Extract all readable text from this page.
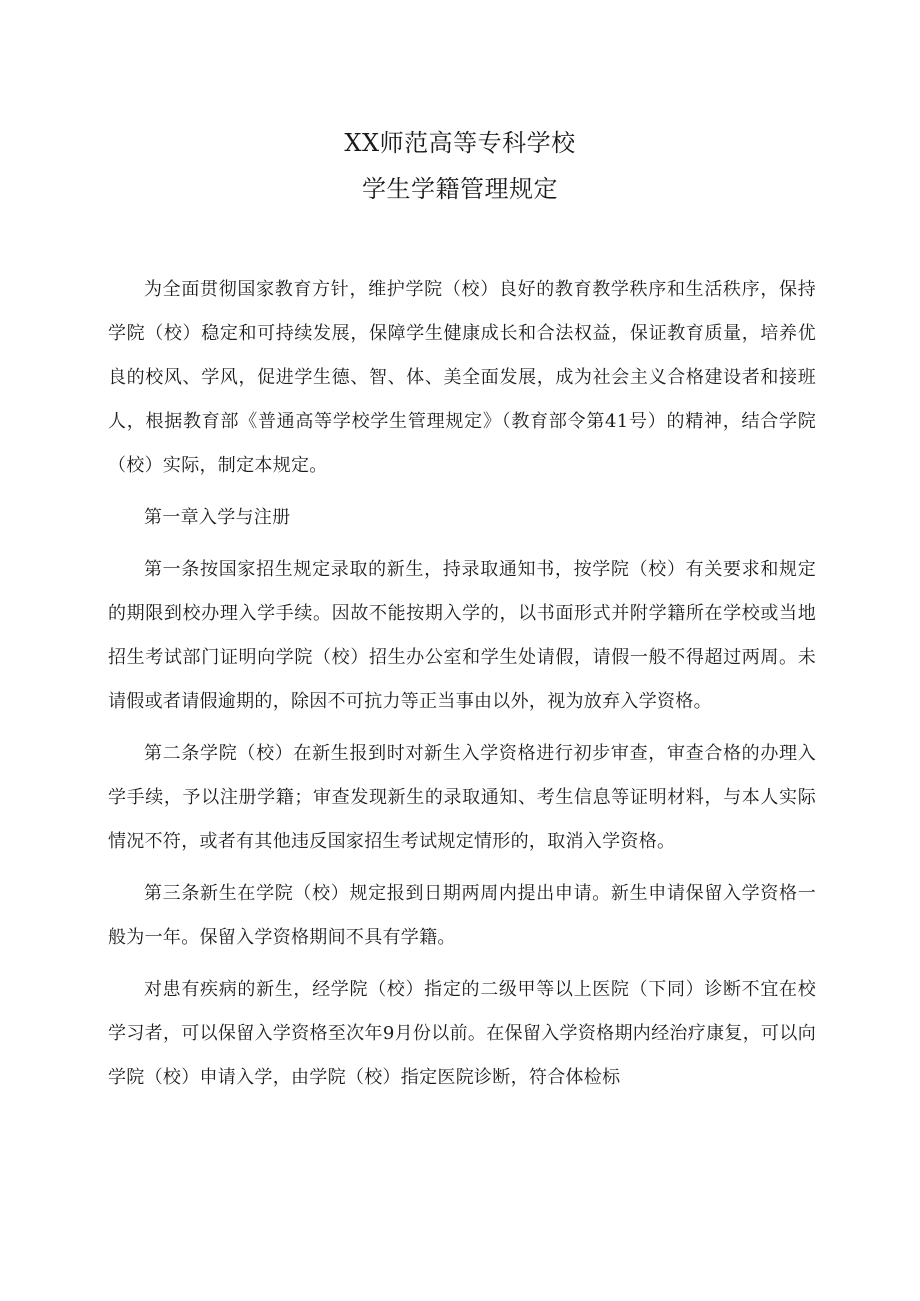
XX师范高等专科学校
学生学籍管理规定

为全面贯彻国家教育方针，维护学院（校）良好的教育教学秩序和生活秩序，保持学院（校）稳定和可持续发展，保障学生健康成长和合法权益，保证教育质量，培养优良的校风、学风，促进学生德、智、体、美全面发展，成为社会主义合格建设者和接班人，根据教育部《普通高等学校学生管理规定》（教育部令第41号）的精神，结合学院（校）实际，制定本规定。

第一章入学与注册

第一条按国家招生规定录取的新生，持录取通知书，按学院（校）有关要求和规定的期限到校办理入学手续。因故不能按期入学的，以书面形式并附学籍所在学校或当地招生考试部门证明向学院（校）招生办公室和学生处请假，请假一般不得超过两周。未请假或者请假逾期的，除因不可抗力等正当事由以外，视为放弃入学资格。

第二条学院（校）在新生报到时对新生入学资格进行初步审查，审查合格的办理入学手续，予以注册学籍；审查发现新生的录取通知、考生信息等证明材料，与本人实际情况不符，或者有其他违反国家招生考试规定情形的，取消入学资格。

第三条新生在学院（校）规定报到日期两周内提出申请。新生申请保留入学资格一般为一年。保留入学资格期间不具有学籍。

对患有疾病的新生，经学院（校）指定的二级甲等以上医院（下同）诊断不宜在校学习者，可以保留入学资格至次年9月份以前。在保留入学资格期内经治疗康复，可以向学院（校）申请入学，由学院（校）指定医院诊断，符合体检标
